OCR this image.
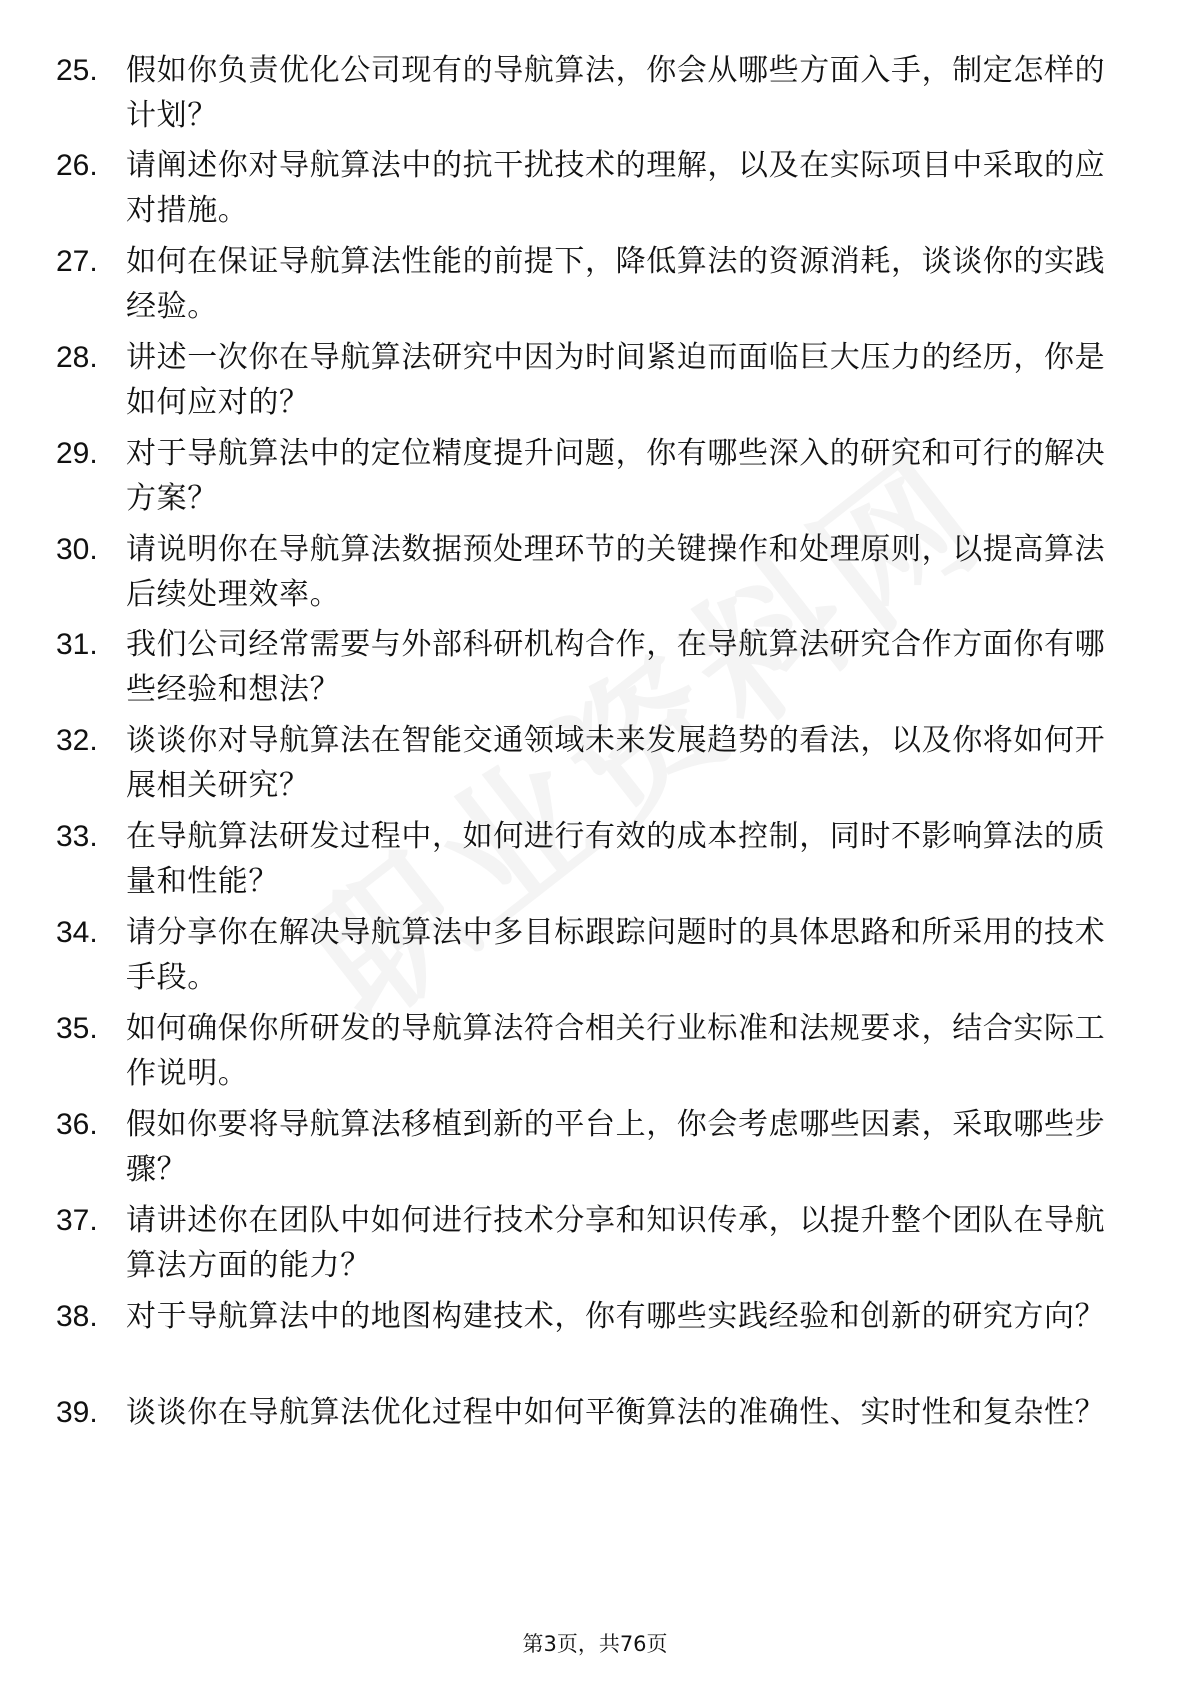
25. 假如你负责优化公司现有的导航算法，你会从哪些方面入手，制定怎样的计划？
26. 请阐述你对导航算法中的抗干扰技术的理解，以及在实际项目中采取的应对措施。
27. 如何在保证导航算法性能的前提下，降低算法的资源消耗，谈谈你的实践经验。
28. 讲述一次你在导航算法研究中因为时间紧迫而面临巨大压力的经历，你是如何应对的？
29. 对于导航算法中的定位精度提升问题，你有哪些深入的研究和可行的解决方案？
30. 请说明你在导航算法数据预处理环节的关键操作和处理原则，以提高算法后续处理效率。
31. 我们公司经常需要与外部科研机构合作，在导航算法研究合作方面你有哪些经验和想法？
32. 谈谈你对导航算法在智能交通领域未来发展趋势的看法，以及你将如何开展相关研究？
33. 在导航算法研发过程中，如何进行有效的成本控制，同时不影响算法的质量和性能？
34. 请分享你在解决导航算法中多目标跟踪问题时的具体思路和所采用的技术手段。
35. 如何确保你所研发的导航算法符合相关行业标准和法规要求，结合实际工作说明。
36. 假如你要将导航算法移植到新的平台上，你会考虑哪些因素，采取哪些步骤？
37. 请讲述你在团队中如何进行技术分享和知识传承，以提升整个团队在导航算法方面的能力？
38. 对于导航算法中的地图构建技术，你有哪些实践经验和创新的研究方向？
39. 谈谈你在导航算法优化过程中如何平衡算法的准确性、实时性和复杂性？
第3页，共76页
